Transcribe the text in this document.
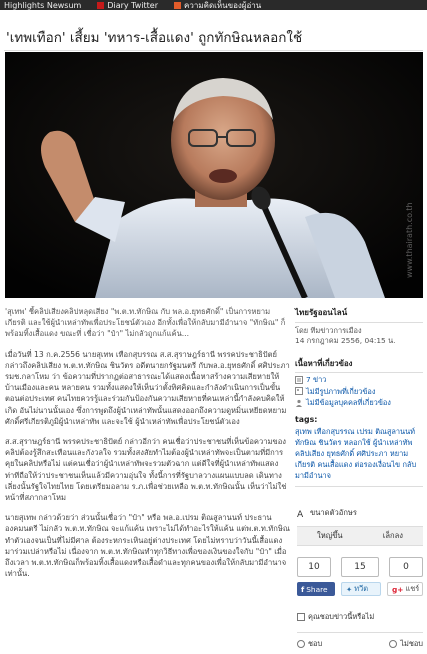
Highlights Newsum	Diary Twitter	ความคิดเห็นของผู้อ่าน
'เทพเทือก' เสี้ยม 'ทหาร-เสื้อแดง' ถูกทักษิณหลอกใช้
www.thairath.co.th

'สุเทพ' ชี้คลิปเสียงคลิปหลุดเสียง "พ.ต.ท.ทักษิณ กับ พล.อ.ยุทธศักดิ์" เป็นการหยามเกียรติ และใช้ผู้นำเหล่าทัพเพื่อประโยชน์ตัวเอง อีกทั้งเพื่อให้กลับมามีอำนาจ "ทักษิณ" ก็พร้อมทิ้งเสื้อแดง ขณะที่ เชื่อว่า "ป๋า" ไม่กลัวถูกแก้แค้น...

เมื่อวันที่ 13 ก.ค.2556 นายสุเทพ เทือกสุบรรณ ส.ส.สุราษฎร์ธานี พรรคประชาธิปัตย์ กล่าวถึงคลิปเสียง พ.ต.ท.ทักษิณ ชินวัตร อดีตนายกรัฐมนตรี กับพล.อ.ยุทธศักดิ์ ศศิประภา รมช.กลาโหม ว่า ข้อความที่ปรากฏต่อสาธารณะได้แสดงเนื้อหาสร้างความเสียหายให้บ้านเมืองและคน หลายคน รวมทั้งแสดงให้เห็นว่าตั้งทิศคิดและกำลังดำเนินการเป็นขั้นตอนต่อประเทศ คนไทยควรรู้และร่วมกันป้องกันความเสียหายที่คนเหล่านี้กำลังคบคิดให้เกิด อันไม่นานนั้นเอง ซึ่งการพูดถึงผู้นำเหล่าทัพนั้นแสดงออกถึงความดูหมิ่นเหยียดหยามศักดิ์ศรีเกียรติภูมิผู้นำเหล่าทัพ และจะใช้ ผู้นำเหล่าทัพเพื่อประโยชน์ตัวเอง

ส.ส.สุราษฎร์ธานี พรรคประชาธิปัตย์ กล่าวอีกว่า คนเชื่อว่าประชาชนที่เห็นข้อความของคลิปต้องรู้สึกสะเทือนและกังวลใจ รวมทั้งสงสัยทำไมต้องผู้นำเหล่าทัพจะเป็นตามที่มีการคุยในคลิปหรือไม่ แต่คนเชื่อว่าผู้นำเหล่าทัพจะรวมตัวฉาก แต่ดีใจที่ผู้นำเหล่าทัพแสดงท่าทีถือให้ว่าประชาชนเห็นแล้วมีความอุ่นใจ ทั้งนี้การที่รัฐบาลวางแผนแบบลด เดินทางเลี่ยงนั้นรัฐใจไทยไทย โดยเตรียมอลาม ร.ภ.เพื่อช่วยเหลือ พ.ต.ท.ทักษิณนั้น เห็นว่าไม่ใช่หน้าที่สภากลาโหม

นายสุเทพ กล่าวด้วยว่า ส่วนนั้นเชื่อว่า "ป๋า" หรือ พล.อ.เปรม ติณสูลานนท์ ประธานองคมนตรี ไม่กลัว พ.ต.ท.ทักษิณ จะแก้แค้น เพราะไม่ได้ทำอะไรให้แค้น แต่พ.ต.ท.ทักษิณทำตัวเองจนเป็นที่ไม่มีศาล ต้องระหกระเหินอยู่ต่างประเทศ โดยไม่ทราบว่าวันนี้เสื้อแดงมาร่วมเปล่าหรือไม่ เนื่องจาก พ.ต.ท.ทักษิณทำทุกวิธีทางเพื่อของเงินของใจกับ "ป๋า" เมื่อถึงเวลา พ.ต.ท.ทักษิณก็พร้อมทิ้งเสื้อแดงหรือเสื้อดำและทุกคนของเพื่อให้กลับมามีอำนาจเท่านั้น.

ไทยรัฐออนไลน์
โดย ทีมข่าวการเมือง
14 กรกฎาคม 2556, 04:15 น.
เนื้อหาที่เกี่ยวข้อง
7 ข่าว
ไม่มีรูปภาพที่เกี่ยวข้อง
ไม่มีข้อมูลบุคคลที่เกี่ยวข้อง
tags:
สุเทพ เทือกสุบรรณ เปรม ติณสูลานนท์ ทักษิณ ชินวัตร หลอกใช้ ผู้นำเหล่าทัพ คลิปเสียง ยุทธศักดิ์ ศศิประภา หยามเกียรติ คนเสื้อแดง ต่อรองเงื่อนไข กลับมามีอำนาจ
A ขนาดตัวอักษร
ใหญ่ขึ้น	เล็กลง
10	15	0
f Share ✦ ทวีต	g+ แชร์
คุณชอบข่าวนี้หรือไม่
ชอบ	ไม่ชอบ
